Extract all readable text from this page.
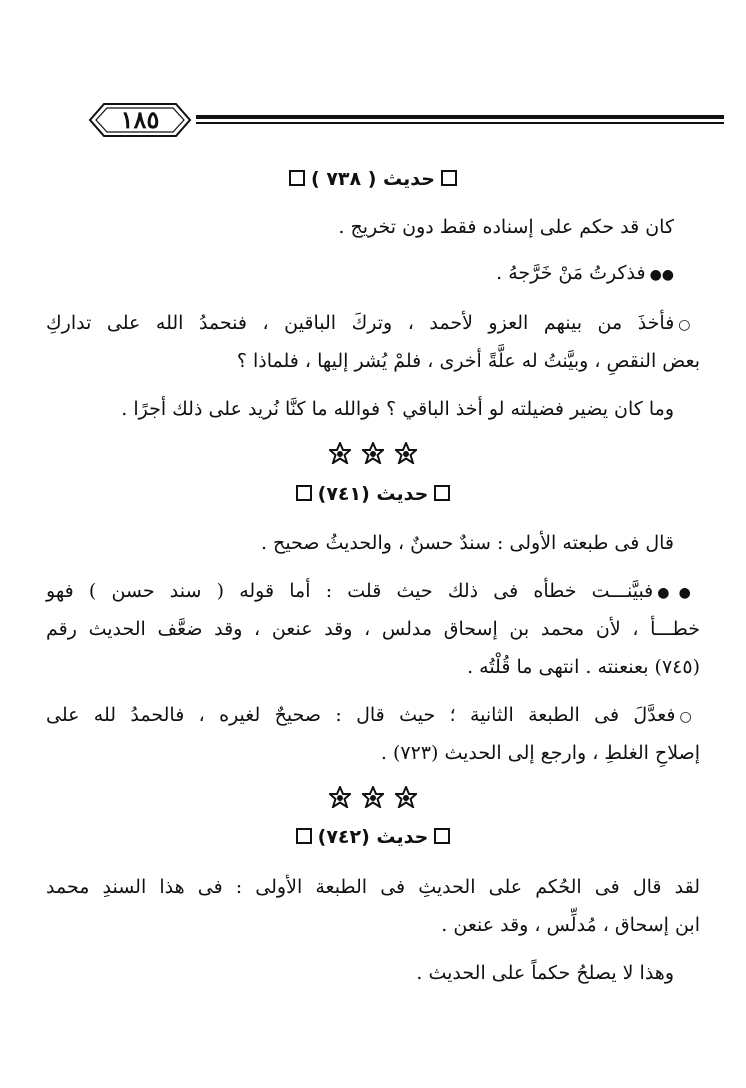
١٨٥
حديث ( ٧٣٨ )
كان قد حكم على إسناده فقط دون تخريج .
●●فذكرتُ مَنْ خَرَّجهُ .
○فأخذَ من بينهم العزو لأحمد ، وتركَ الباقين ، فنحمدُ الله على تداركِ
بعض النقصِ ، وبيَّنتُ له علَّةً أخرى ، فلمْ يُشر إليها ، فلماذا ؟
وما كان يضير فضيلته لو أخذ الباقي ؟ فوالله ما كنَّا نُريد على ذلك أجرًا .

حديث (٧٤١)
قال فى طبعته الأولى : سندٌ حسنٌ ، والحديثُ صحيح .
●●فبيَّنـــت خطأه فى ذلك حيث قلت : أما قوله ( سند حسن ) فهو
خطـــأ ، لأن محمد بن إسحاق مدلس ، وقد عنعن ، وقد ضعَّف الحديث رقم
(٧٤٥) بعنعنته . انتهى ما قُلْتُه .
○فعدَّلَ فى الطبعة الثانية ؛ حيث قال : صحيحٌ لغيره ، فالحمدُ لله على
إصلاحِ الغلطِ ، وارجع إلى الحديث (٧٢٣) .

حديث (٧٤٢)
لقد قال فى الحُكم على الحديثِ فى الطبعة الأولى : فى هذا السندِ محمد
ابن إسحاق ، مُدلِّس ، وقد عنعن .
وهذا لا يصلحُ حكماً على الحديث .
